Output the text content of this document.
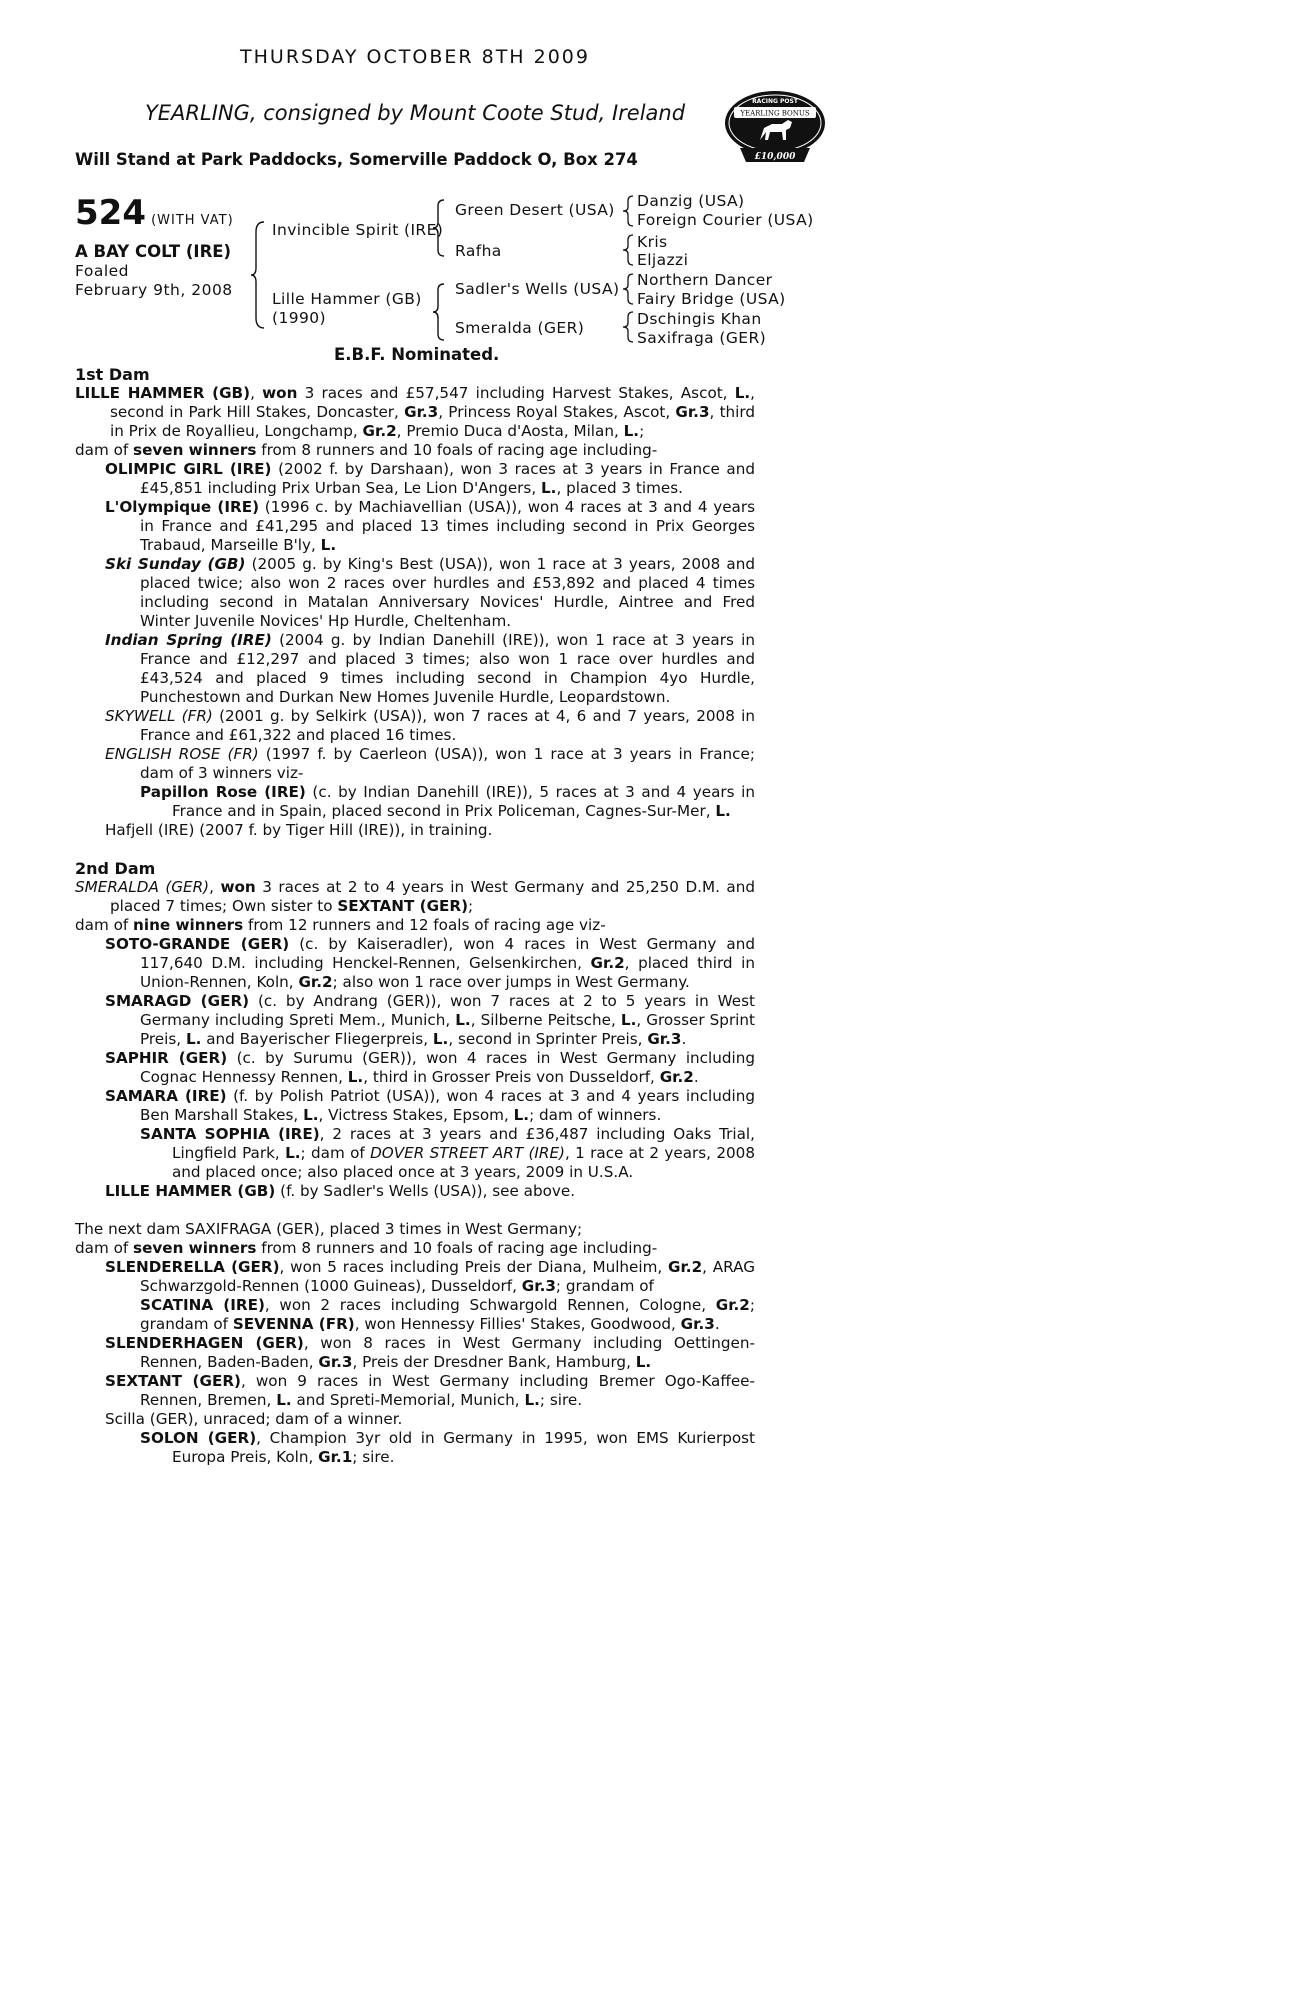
THURSDAY OCTOBER 8TH 2009
YEARLING, consigned by Mount Coote Stud, Ireland
Will Stand at Park Paddocks, Somerville Paddock O, Box 274
RACING POST
YEARLING BONUS
£10,000
524 (WITH VAT)
A BAY COLT (IRE)
Foaled
February 9th, 2008
Invincible Spirit (IRE)
Lille Hammer (GB)
(1990)
Green Desert (USA)
Rafha
Sadler's Wells (USA)
Smeralda (GER)
Danzig (USA)
Foreign Courier (USA)
Kris
Eljazzi
Northern Dancer
Fairy Bridge (USA)
Dschingis Khan
Saxifraga (GER)
E.B.F. Nominated.

1st Dam

LILLE HAMMER (GB), won 3 races and £57,547 including Harvest Stakes, Ascot, L., second in Park Hill Stakes, Doncaster, Gr.3, Princess Royal Stakes, Ascot, Gr.3, third in Prix de Royallieu, Longchamp, Gr.2, Premio Duca d'Aosta, Milan, L.;

dam of seven winners from 8 runners and 10 foals of racing age including-

OLIMPIC GIRL (IRE) (2002 f. by Darshaan), won 3 races at 3 years in France and £45,851 including Prix Urban Sea, Le Lion D'Angers, L., placed 3 times.

L'Olympique (IRE) (1996 c. by Machiavellian (USA)), won 4 races at 3 and 4 years in France and £41,295 and placed 13 times including second in Prix Georges Trabaud, Marseille B'ly, L.

Ski Sunday (GB) (2005 g. by King's Best (USA)), won 1 race at 3 years, 2008 and placed twice; also won 2 races over hurdles and £53,892 and placed 4 times including second in Matalan Anniversary Novices' Hurdle, Aintree and Fred Winter Juvenile Novices' Hp Hurdle, Cheltenham.

Indian Spring (IRE) (2004 g. by Indian Danehill (IRE)), won 1 race at 3 years in France and £12,297 and placed 3 times; also won 1 race over hurdles and £43,524 and placed 9 times including second in Champion 4yo Hurdle, Punchestown and Durkan New Homes Juvenile Hurdle, Leopardstown.

SKYWELL (FR) (2001 g. by Selkirk (USA)), won 7 races at 4, 6 and 7 years, 2008 in France and £61,322 and placed 16 times.

ENGLISH ROSE (FR) (1997 f. by Caerleon (USA)), won 1 race at 3 years in France; dam of 3 winners viz-

Papillon Rose (IRE) (c. by Indian Danehill (IRE)), 5 races at 3 and 4 years in France and in Spain, placed second in Prix Policeman, Cagnes-Sur-Mer, L.

Hafjell (IRE) (2007 f. by Tiger Hill (IRE)), in training.

2nd Dam

SMERALDA (GER), won 3 races at 2 to 4 years in West Germany and 25,250 D.M. and placed 7 times; Own sister to SEXTANT (GER);

dam of nine winners from 12 runners and 12 foals of racing age viz-

SOTO-GRANDE (GER) (c. by Kaiseradler), won 4 races in West Germany and 117,640 D.M. including Henckel-Rennen, Gelsenkirchen, Gr.2, placed third in Union-Rennen, Koln, Gr.2; also won 1 race over jumps in West Germany.

SMARAGD (GER) (c. by Andrang (GER)), won 7 races at 2 to 5 years in West Germany including Spreti Mem., Munich, L., Silberne Peitsche, L., Grosser Sprint Preis, L. and Bayerischer Fliegerpreis, L., second in Sprinter Preis, Gr.3.

SAPHIR (GER) (c. by Surumu (GER)), won 4 races in West Germany including Cognac Hennessy Rennen, L., third in Grosser Preis von Dusseldorf, Gr.2.

SAMARA (IRE) (f. by Polish Patriot (USA)), won 4 races at 3 and 4 years including Ben Marshall Stakes, L., Victress Stakes, Epsom, L.; dam of winners.

SANTA SOPHIA (IRE), 2 races at 3 years and £36,487 including Oaks Trial, Lingfield Park, L.; dam of DOVER STREET ART (IRE), 1 race at 2 years, 2008 and placed once; also placed once at 3 years, 2009 in U.S.A.

LILLE HAMMER (GB) (f. by Sadler's Wells (USA)), see above.

The next dam SAXIFRAGA (GER), placed 3 times in West Germany;

dam of seven winners from 8 runners and 10 foals of racing age including-

SLENDERELLA (GER), won 5 races including Preis der Diana, Mulheim, Gr.2, ARAG Schwarzgold-Rennen (1000 Guineas), Dusseldorf, Gr.3; grandam of

SCATINA (IRE), won 2 races including Schwargold Rennen, Cologne, Gr.2; grandam of SEVENNA (FR), won Hennessy Fillies' Stakes, Goodwood, Gr.3.

SLENDERHAGEN (GER), won 8 races in West Germany including Oettingen-Rennen, Baden-Baden, Gr.3, Preis der Dresdner Bank, Hamburg, L.

SEXTANT (GER), won 9 races in West Germany including Bremer Ogo-Kaffee-Rennen, Bremen, L. and Spreti-Memorial, Munich, L.; sire.

Scilla (GER), unraced; dam of a winner.

SOLON (GER), Champion 3yr old in Germany in 1995, won EMS Kurierpost Europa Preis, Koln, Gr.1; sire.
